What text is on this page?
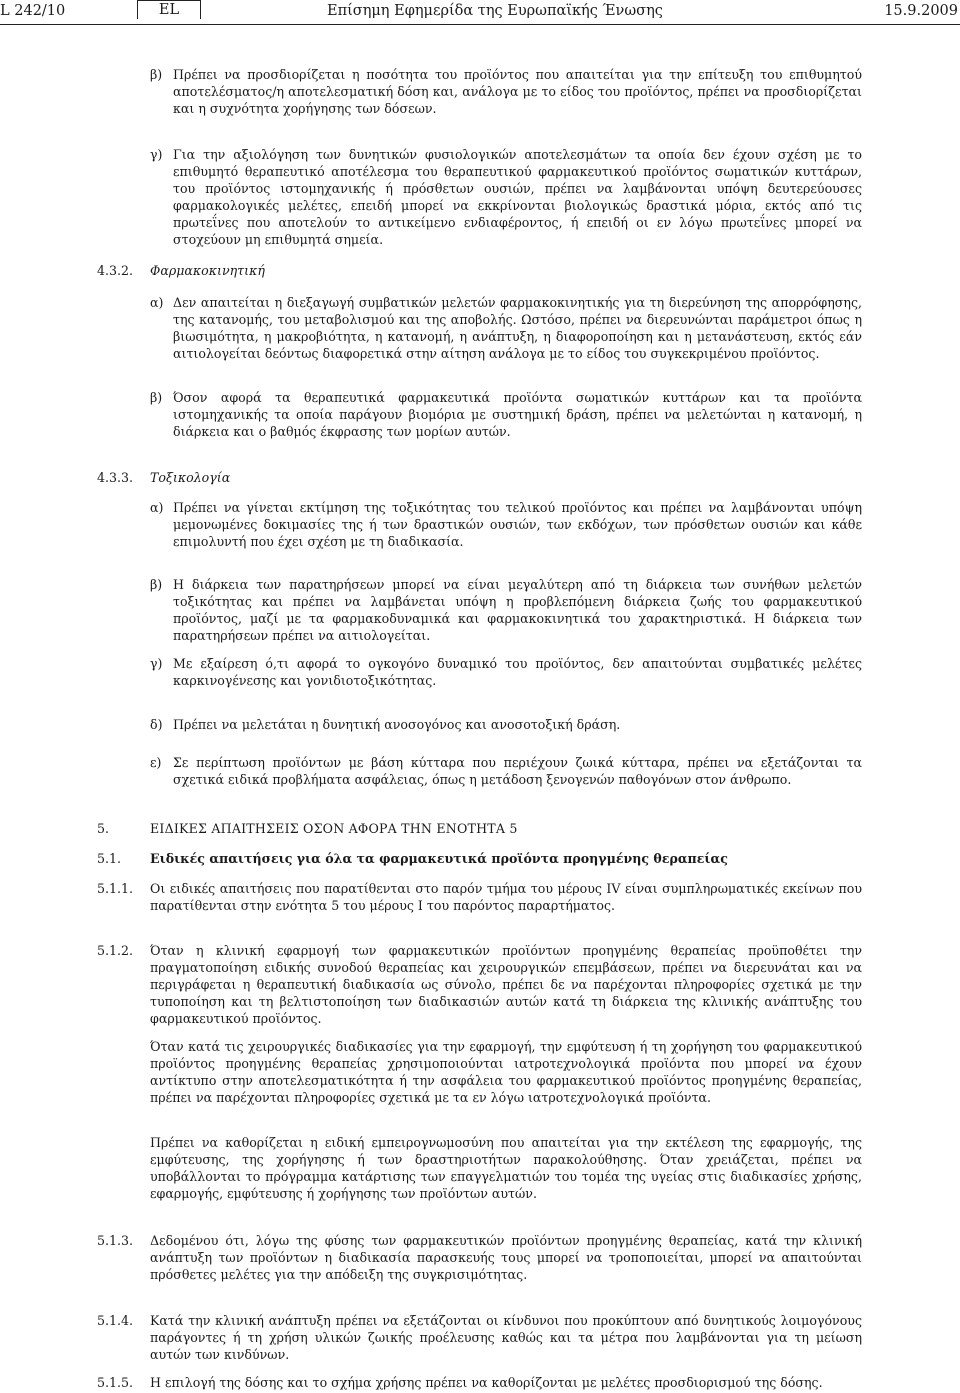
L 242/10	EL	Επίσημη Εφημερίδα της Ευρωπαϊκής Ένωσης	15.9.2009
β) Πρέπει να προσδιορίζεται η ποσότητα του προϊόντος που απαιτείται για την επίτευξη του επιθυμητού αποτελέσματος/η αποτελεσματική δόση και, ανάλογα με το είδος του προϊόντος, πρέπει να προσδιορίζεται και η συχνότητα χορήγησης των δόσεων.
γ) Για την αξιολόγηση των δυνητικών φυσιολογικών αποτελεσμάτων τα οποία δεν έχουν σχέση με το επιθυμητό θεραπευτικό αποτέλεσμα του θεραπευτικού φαρμακευτικού προϊόντος σωματικών κυττάρων, του προϊόντος ιστομηχανικής ή πρόσθετων ουσιών, πρέπει να λαμβάνονται υπόψη δευτερεύουσες φαρμακολογικές μελέτες, επειδή μπορεί να εκκρίνονται βιολογικώς δραστικά μόρια, εκτός από τις πρωτεΐνες που αποτελούν το αντικείμενο ενδιαφέροντος, ή επειδή οι εν λόγω πρωτεΐνες μπορεί να στοχεύουν μη επιθυμητά σημεία.
4.3.2. Φαρμακοκινητική
α) Δεν απαιτείται η διεξαγωγή συμβατικών μελετών φαρμακοκινητικής για τη διερεύνηση της απορρόφησης, της κατανομής, του μεταβολισμού και της αποβολής. Ωστόσο, πρέπει να διερευνώνται παράμετροι όπως η βιωσιμότητα, η μακροβιότητα, η κατανομή, η ανάπτυξη, η διαφοροποίηση και η μετανάστευση, εκτός εάν αιτιολογείται δεόντως διαφορετικά στην αίτηση ανάλογα με το είδος του συγκεκριμένου προϊόντος.
β) Όσον αφορά τα θεραπευτικά φαρμακευτικά προϊόντα σωματικών κυττάρων και τα προϊόντα ιστομηχανικής τα οποία παράγουν βιομόρια με συστημική δράση, πρέπει να μελετώνται η κατανομή, η διάρκεια και ο βαθμός έκφρασης των μορίων αυτών.
4.3.3. Τοξικολογία
α) Πρέπει να γίνεται εκτίμηση της τοξικότητας του τελικού προϊόντος και πρέπει να λαμβάνονται υπόψη μεμονωμένες δοκιμασίες της ή των δραστικών ουσιών, των εκδόχων, των πρόσθετων ουσιών και κάθε επιμολυντή που έχει σχέση με τη διαδικασία.
β) Η διάρκεια των παρατηρήσεων μπορεί να είναι μεγαλύτερη από τη διάρκεια των συνήθων μελετών τοξικότητας και πρέπει να λαμβάνεται υπόψη η προβλεπόμενη διάρκεια ζωής του φαρμακευτικού προϊόντος, μαζί με τα φαρμακοδυναμικά και φαρμακοκινητικά του χαρακτηριστικά. Η διάρκεια των παρατηρήσεων πρέπει να αιτιολογείται.
γ) Με εξαίρεση ό,τι αφορά το ογκογόνο δυναμικό του προϊόντος, δεν απαιτούνται συμβατικές μελέτες καρκινογένεσης και γονιδιοτοξικότητας.
δ) Πρέπει να μελετάται η δυνητική ανοσογόνος και ανοσοτοξική δράση.
ε) Σε περίπτωση προϊόντων με βάση κύτταρα που περιέχουν ζωικά κύτταρα, πρέπει να εξετάζονται τα σχετικά ειδικά προβλήματα ασφάλειας, όπως η μετάδοση ξενογενών παθογόνων στον άνθρωπο.
5.	ΕΙΔΙΚΕΣ ΑΠΑΙΤΗΣΕΙΣ ΟΣΟΝ ΑΦΟΡΑ ΤΗΝ ΕΝΟΤΗΤΑ 5
5.1. Ειδικές απαιτήσεις για όλα τα φαρμακευτικά προϊόντα προηγμένης θεραπείας
5.1.1. Οι ειδικές απαιτήσεις που παρατίθενται στο παρόν τμήμα του μέρους IV είναι συμπληρωματικές εκείνων που παρατίθενται στην ενότητα 5 του μέρους I του παρόντος παραρτήματος.
5.1.2. Όταν η κλινική εφαρμογή των φαρμακευτικών προϊόντων προηγμένης θεραπείας προϋποθέτει την πραγματοποίηση ειδικής συνοδού θεραπείας και χειρουργικών επεμβάσεων, πρέπει να διερευνάται και να περιγράφεται η θεραπευτική διαδικασία ως σύνολο, πρέπει δε να παρέχονται πληροφορίες σχετικά με την τυποποίηση και τη βελτιστοποίηση των διαδικασιών αυτών κατά τη διάρκεια της κλινικής ανάπτυξης του φαρμακευτικού προϊόντος.
Όταν κατά τις χειρουργικές διαδικασίες για την εφαρμογή, την εμφύτευση ή τη χορήγηση του φαρμακευτικού προϊόντος προηγμένης θεραπείας χρησιμοποιούνται ιατροτεχνολογικά προϊόντα που μπορεί να έχουν αντίκτυπο στην αποτελεσματικότητα ή την ασφάλεια του φαρμακευτικού προϊόντος προηγμένης θεραπείας, πρέπει να παρέχονται πληροφορίες σχετικά με τα εν λόγω ιατροτεχνολογικά προϊόντα.
Πρέπει να καθορίζεται η ειδική εμπειρογνωμοσύνη που απαιτείται για την εκτέλεση της εφαρμογής, της εμφύτευσης, της χορήγησης ή των δραστηριοτήτων παρακολούθησης. Όταν χρειάζεται, πρέπει να υποβάλλονται το πρόγραμμα κατάρτισης των επαγγελματιών του τομέα της υγείας στις διαδικασίες χρήσης, εφαρμογής, εμφύτευσης ή χορήγησης των προϊόντων αυτών.
5.1.3. Δεδομένου ότι, λόγω της φύσης των φαρμακευτικών προϊόντων προηγμένης θεραπείας, κατά την κλινική ανάπτυξη των προϊόντων η διαδικασία παρασκευής τους μπορεί να τροποποιείται, μπορεί να απαιτούνται πρόσθετες μελέτες για την απόδειξη της συγκρισιμότητας.
5.1.4. Κατά την κλινική ανάπτυξη πρέπει να εξετάζονται οι κίνδυνοι που προκύπτουν από δυνητικούς λοιμογόνους παράγοντες ή τη χρήση υλικών ζωικής προέλευσης καθώς και τα μέτρα που λαμβάνονται για τη μείωση αυτών των κινδύνων.
5.1.5. Η επιλογή της δόσης και το σχήμα χρήσης πρέπει να καθορίζονται με μελέτες προσδιορισμού της δόσης.
